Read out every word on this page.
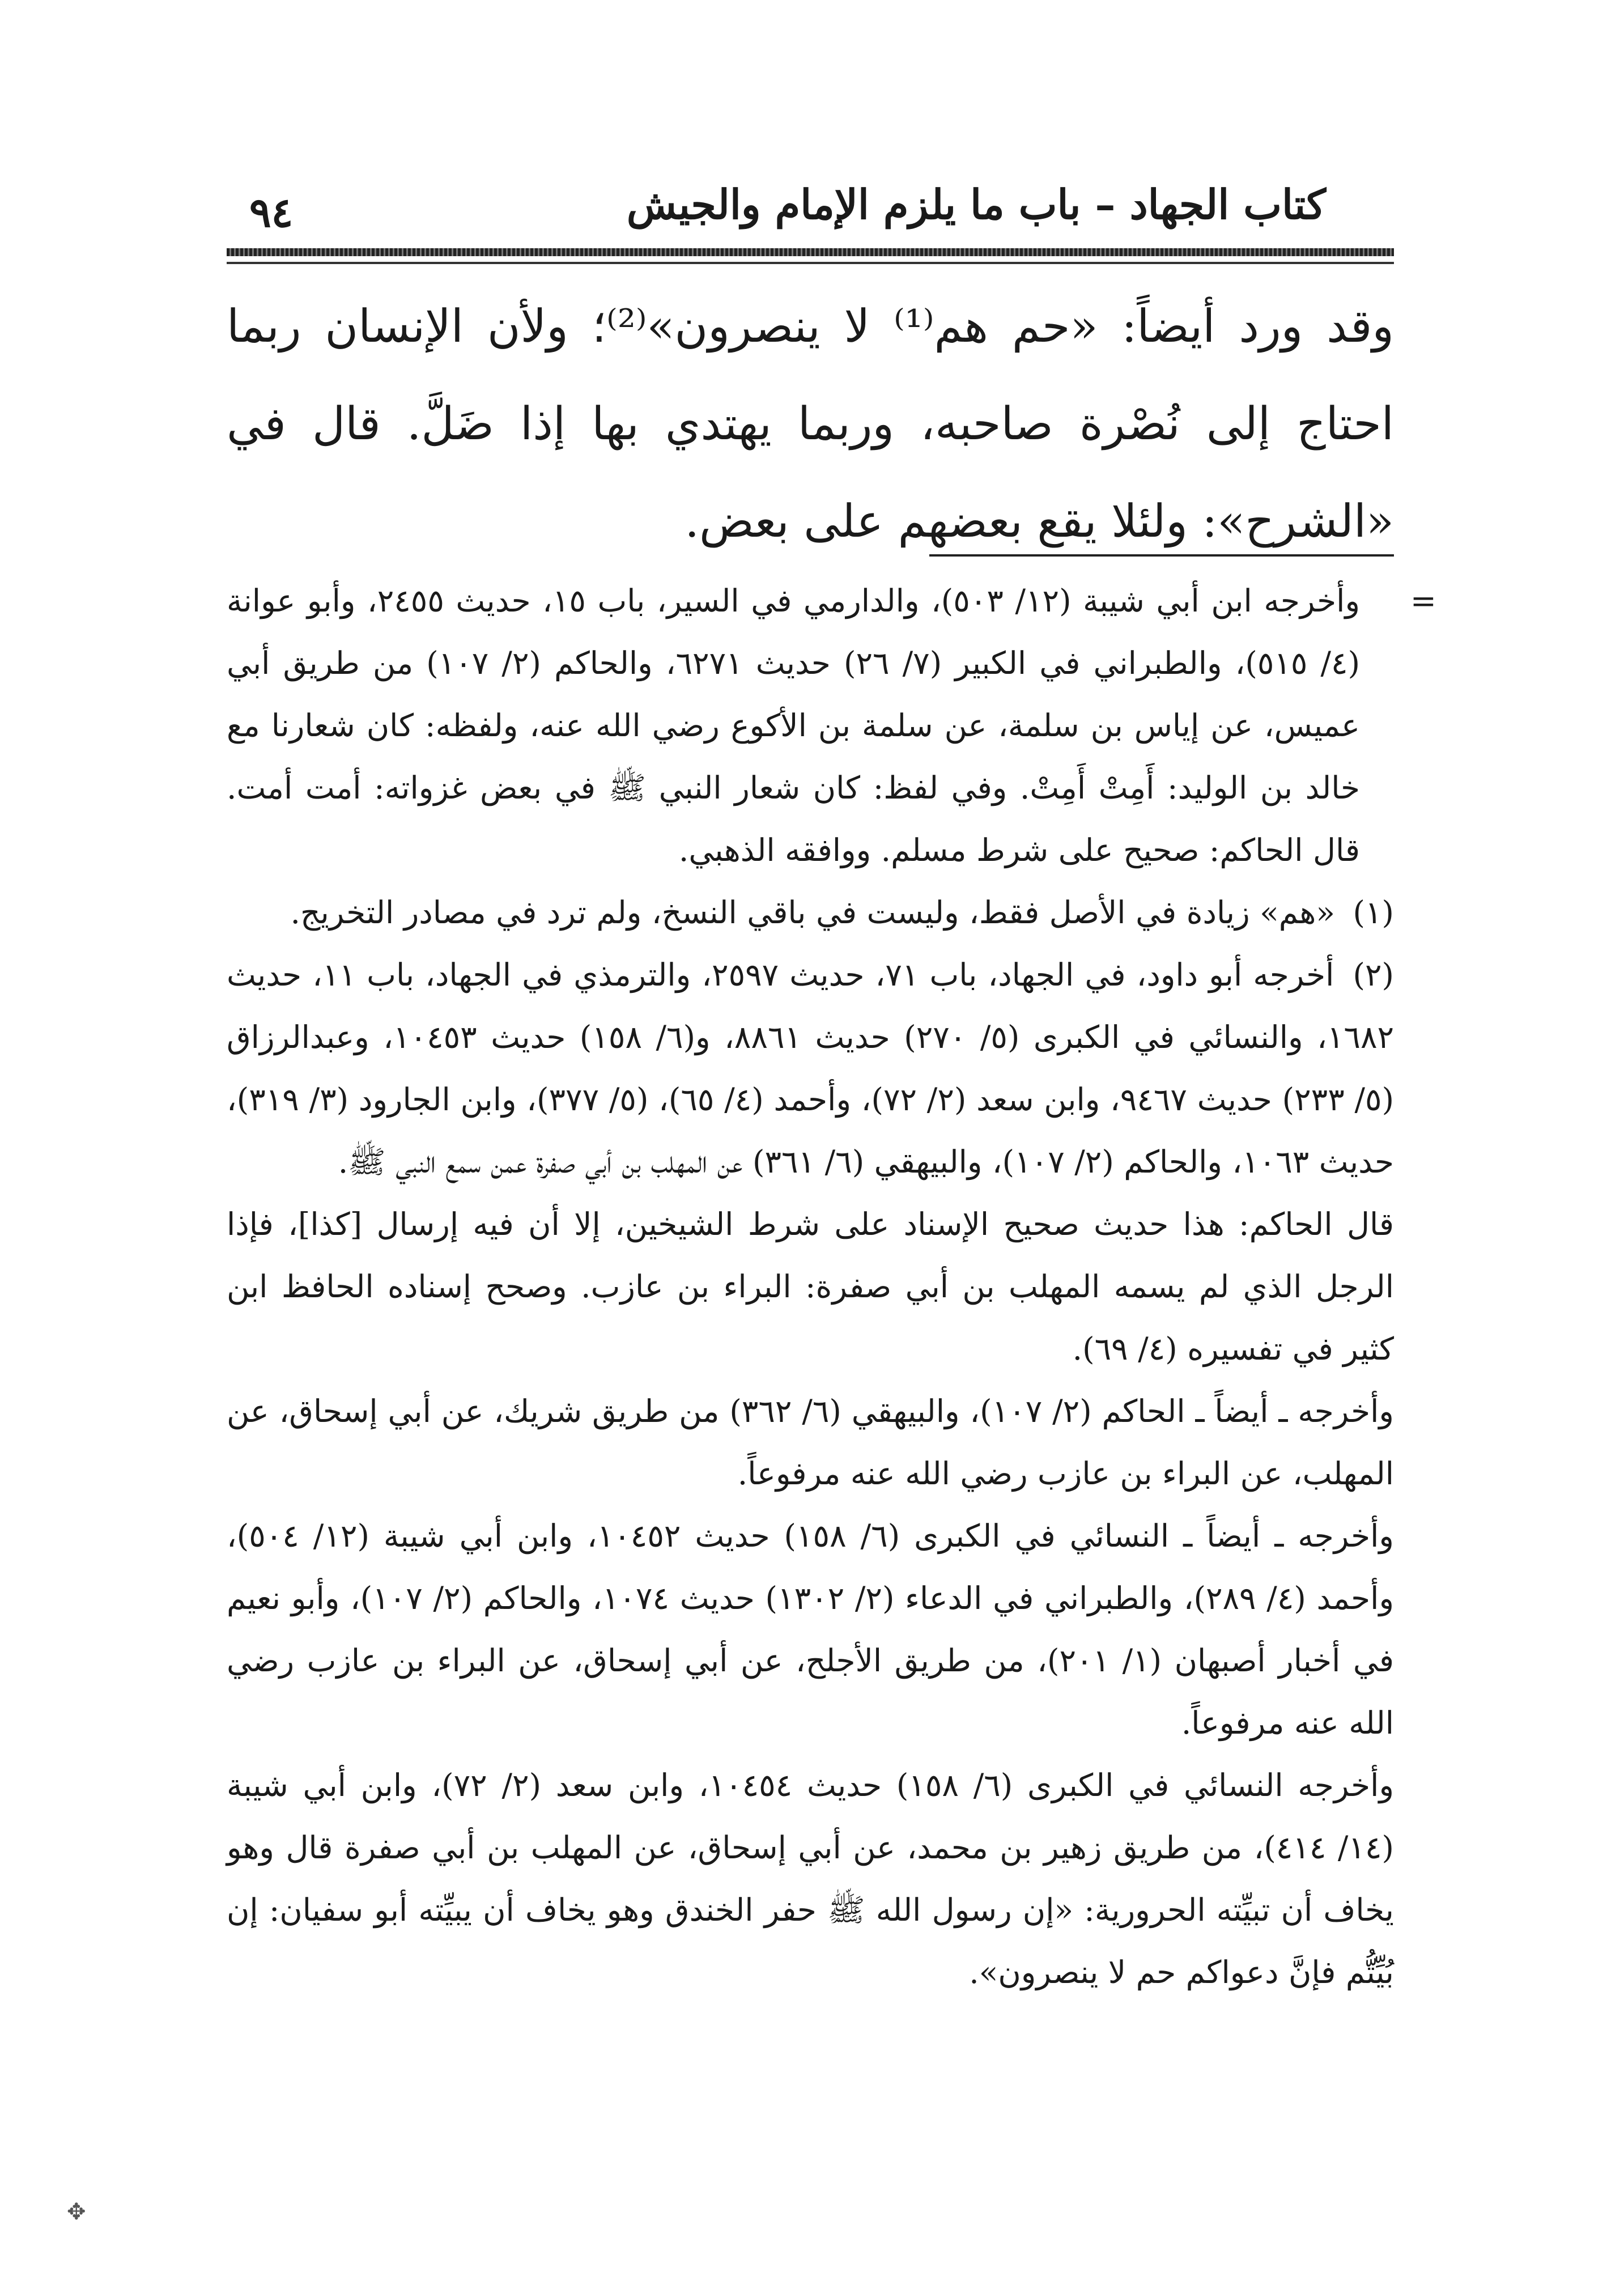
كتاب الجهاد – باب ما يلزم الإمام والجيش
٩٤

وقد ورد أيضاً: «حم هم⁽¹⁾ لا ينصرون»⁽²⁾؛ ولأن الإنسان ربما احتاج إلى نُصْرة صاحبه، وربما يهتدي بها إذا ضَلَّ. قال في «الشرح»: ولئلا يقع بعضهم على بعض.

=
وأخرجه ابن أبي شيبة (١٢/ ٥٠٣)، والدارمي في السير، باب ١٥، حديث ٢٤٥٥، وأبو عوانة (٤/ ٥١٥)، والطبراني في الكبير (٧/ ٢٦) حديث ٦٢٧١، والحاكم (٢/ ١٠٧) من طريق أبي عميس، عن إياس بن سلمة، عن سلمة بن الأكوع رضي الله عنه، ولفظه: كان شعارنا مع خالد بن الوليد: أَمِتْ أَمِتْ. وفي لفظ: كان شعار النبي ﷺ في بعض غزواته: أمت أمت. قال الحاكم: صحيح على شرط مسلم. ووافقه الذهبي.

(١) «هم» زيادة في الأصل فقط، وليست في باقي النسخ، ولم ترد في مصادر التخريج.

(٢) أخرجه أبو داود، في الجهاد، باب ٧١، حديث ٢٥٩٧، والترمذي في الجهاد، باب ١١، حديث ١٦٨٢، والنسائي في الكبرى (٥/ ٢٧٠) حديث ٨٨٦١، و(٦/ ١٥٨) حديث ١٠٤٥٣، وعبدالرزاق (٥/ ٢٣٣) حديث ٩٤٦٧، وابن سعد (٢/ ٧٢)، وأحمد (٤/ ٦٥)، (٥/ ٣٧٧)، وابن الجارود (٣/ ٣١٩)، حديث ١٠٦٣، والحاكم (٢/ ١٠٧)، والبيهقي (٦/ ٣٦١) عن المهلب بن أبي صفرة عمن سمع النبي ﷺ.

قال الحاكم: هذا حديث صحيح الإسناد على شرط الشيخين، إلا أن فيه إرسال [كذا]، فإذا الرجل الذي لم يسمه المهلب بن أبي صفرة: البراء بن عازب. وصحح إسناده الحافظ ابن كثير في تفسيره (٤/ ٦٩).

وأخرجه ـ أيضاً ـ الحاكم (٢/ ١٠٧)، والبيهقي (٦/ ٣٦٢) من طريق شريك، عن أبي إسحاق، عن المهلب، عن البراء بن عازب رضي الله عنه مرفوعاً.

وأخرجه ـ أيضاً ـ النسائي في الكبرى (٦/ ١٥٨) حديث ١٠٤٥٢، وابن أبي شيبة (١٢/ ٥٠٤)، وأحمد (٤/ ٢٨٩)، والطبراني في الدعاء (٢/ ١٣٠٢) حديث ١٠٧٤، والحاكم (٢/ ١٠٧)، وأبو نعيم في أخبار أصبهان (١/ ٢٠١)، من طريق الأجلح، عن أبي إسحاق، عن البراء بن عازب رضي الله عنه مرفوعاً.

وأخرجه النسائي في الكبرى (٦/ ١٥٨) حديث ١٠٤٥٤، وابن سعد (٢/ ٧٢)، وابن أبي شيبة (١٤/ ٤١٤)، من طريق زهير بن محمد، عن أبي إسحاق، عن المهلب بن أبي صفرة قال وهو يخاف أن تبيِّته الحرورية: «إن رسول الله ﷺ حفر الخندق وهو يخاف أن يبيِّته أبو سفيان: إن بُيِّتُّم فإنَّ دعواكم حم لا ينصرون».

✥
